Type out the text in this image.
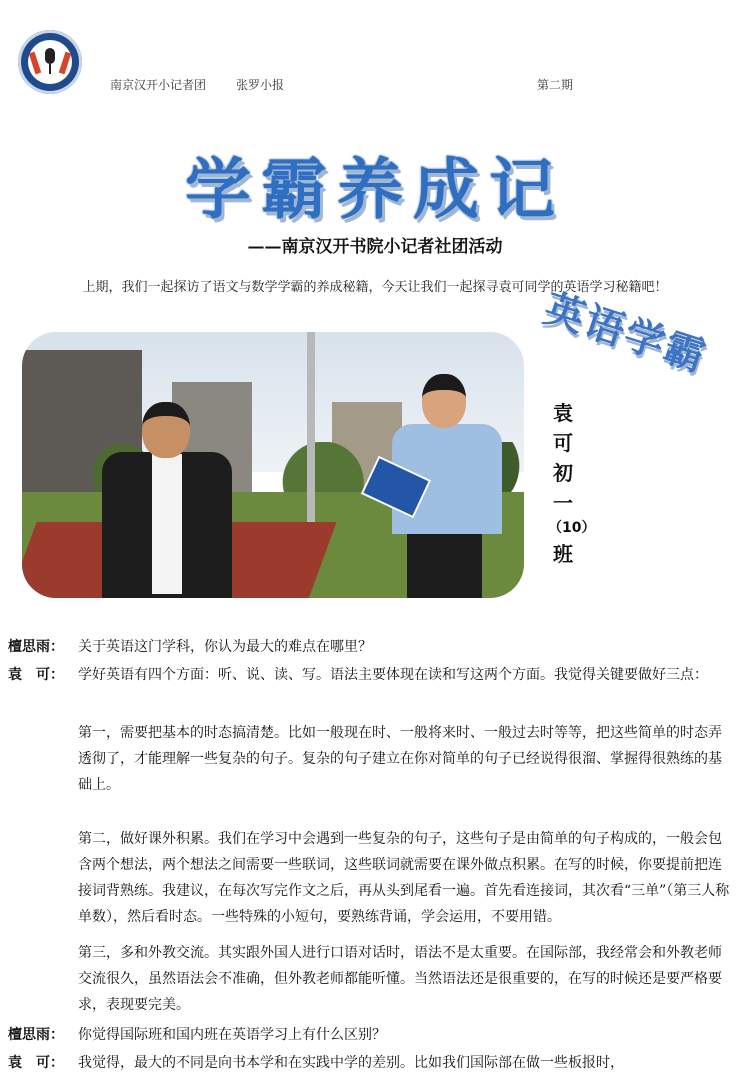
南京汉开小记者团 张罗小报	第二期
学霸养成记
——南京汉开书院小记者社团活动
上期，我们一起探访了语文与数学学霸的养成秘籍，今天让我们一起探寻袁可同学的英语学习秘籍吧！
英语学霸
袁
可
初
一
（10）
班
檀思雨： 关于英语这门学科，你认为最大的难点在哪里？
袁　可： 学好英语有四个方面：听、说、读、写。语法主要体现在读和写这两个方面。我觉得关键要做好三点：
第一，需要把基本的时态搞清楚。比如一般现在时、一般将来时、一般过去时等等，把这些简单的时态弄透彻了，才能理解一些复杂的句子。复杂的句子建立在你对简单的句子已经说得很溜、掌握得很熟练的基础上。
第二，做好课外积累。我们在学习中会遇到一些复杂的句子，这些句子是由简单的句子构成的，一般会包含两个想法，两个想法之间需要一些联词，这些联词就需要在课外做点积累。在写的时候，你要提前把连接词背熟练。我建议，在每次写完作文之后，再从头到尾看一遍。首先看连接词，其次看“三单”（第三人称单数），然后看时态。一些特殊的小短句，要熟练背诵，学会运用，不要用错。
第三，多和外教交流。其实跟外国人进行口语对话时，语法不是太重要。在国际部，我经常会和外教老师交流很久，虽然语法会不准确，但外教老师都能听懂。当然语法还是很重要的，在写的时候还是要严格要求，表现要完美。
檀思雨： 你觉得国际班和国内班在英语学习上有什么区别？
袁　可： 我觉得，最大的不同是向书本学和在实践中学的差别。比如我们国际部在做一些板报时，
